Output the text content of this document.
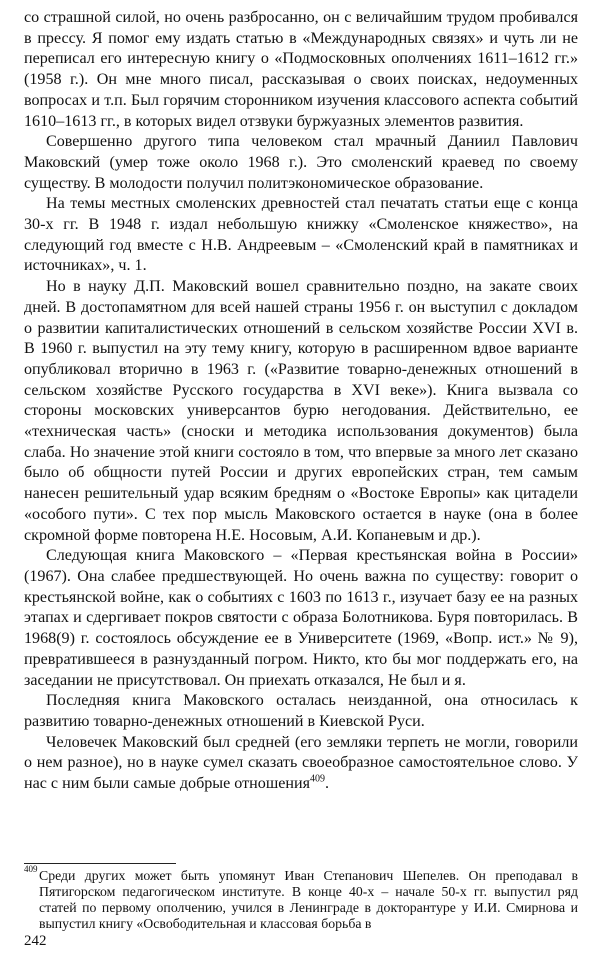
со страшной силой, но очень разбросанно, он с величайшим трудом пробивался в прессу. Я помог ему издать статью в «Международных связях» и чуть ли не переписал его интересную книгу о «Подмосковных ополчениях 1611–1612 гг.» (1958 г.). Он мне много писал, рассказывая о своих поисках, недоуменных вопросах и т.п. Был горячим сторонником изучения классового аспекта событий 1610–1613 гг., в которых видел отзвуки буржуазных элементов развития.

Совершенно другого типа человеком стал мрачный Даниил Павлович Маковский (умер тоже около 1968 г.). Это смоленский краевед по своему существу. В молодости получил политэкономическое образование.

На темы местных смоленских древностей стал печатать статьи еще с конца 30-х гг. В 1948 г. издал небольшую книжку «Смоленское княжество», на следующий год вместе с Н.В. Андреевым – «Смоленский край в памятниках и источниках», ч. 1.

Но в науку Д.П. Маковский вошел сравнительно поздно, на закате своих дней. В достопамятном для всей нашей страны 1956 г. он выступил с докладом о развитии капиталистических отношений в сельском хозяйстве России XVI в. В 1960 г. выпустил на эту тему книгу, которую в расширенном вдвое варианте опубликовал вторично в 1963 г. («Развитие товарно-денежных отношений в сельском хозяйстве Русского государства в XVI веке»). Книга вызвала со стороны московских универсантов бурю негодования. Действительно, ее «техническая часть» (сноски и методика использования документов) была слаба. Но значение этой книги состояло в том, что впервые за много лет сказано было об общности путей России и других европейских стран, тем самым нанесен решительный удар всяким бредням о «Востоке Европы» как цитадели «особого пути». С тех пор мысль Маковского остается в науке (она в более скромной форме повторена Н.Е. Носовым, А.И. Копаневым и др.).

Следующая книга Маковского – «Первая крестьянская война в России» (1967). Она слабее предшествующей. Но очень важна по существу: говорит о крестьянской войне, как о событиях с 1603 по 1613 г., изучает базу ее на разных этапах и сдергивает покров святости с образа Болотникова. Буря повторилась. В 1968(9) г. состоялось обсуждение ее в Университете (1969, «Вопр. ист.» № 9), превратившееся в разнузданный погром. Никто, кто бы мог поддержать его, на заседании не присутствовал. Он приехать отказался, Не был и я.

Последняя книга Маковского осталась неизданной, она относилась к развитию товарно-денежных отношений в Киевской Руси.

Человечек Маковский был средней (его земляки терпеть не могли, говорили о нем разное), но в науке сумел сказать своеобразное самостоятельное слово. У нас с ним были самые добрые отношения$^{409}$.

409 Среди других может быть упомянут Иван Степанович Шепелев. Он преподавал в Пятигорском педагогическом институте. В конце 40-х – начале 50-х гг. выпустил ряд статей по первому ополчению, учился в Ленинграде в докторантуре у И.И. Смирнова и выпустил книгу «Освободительная и классовая борьба в
242
